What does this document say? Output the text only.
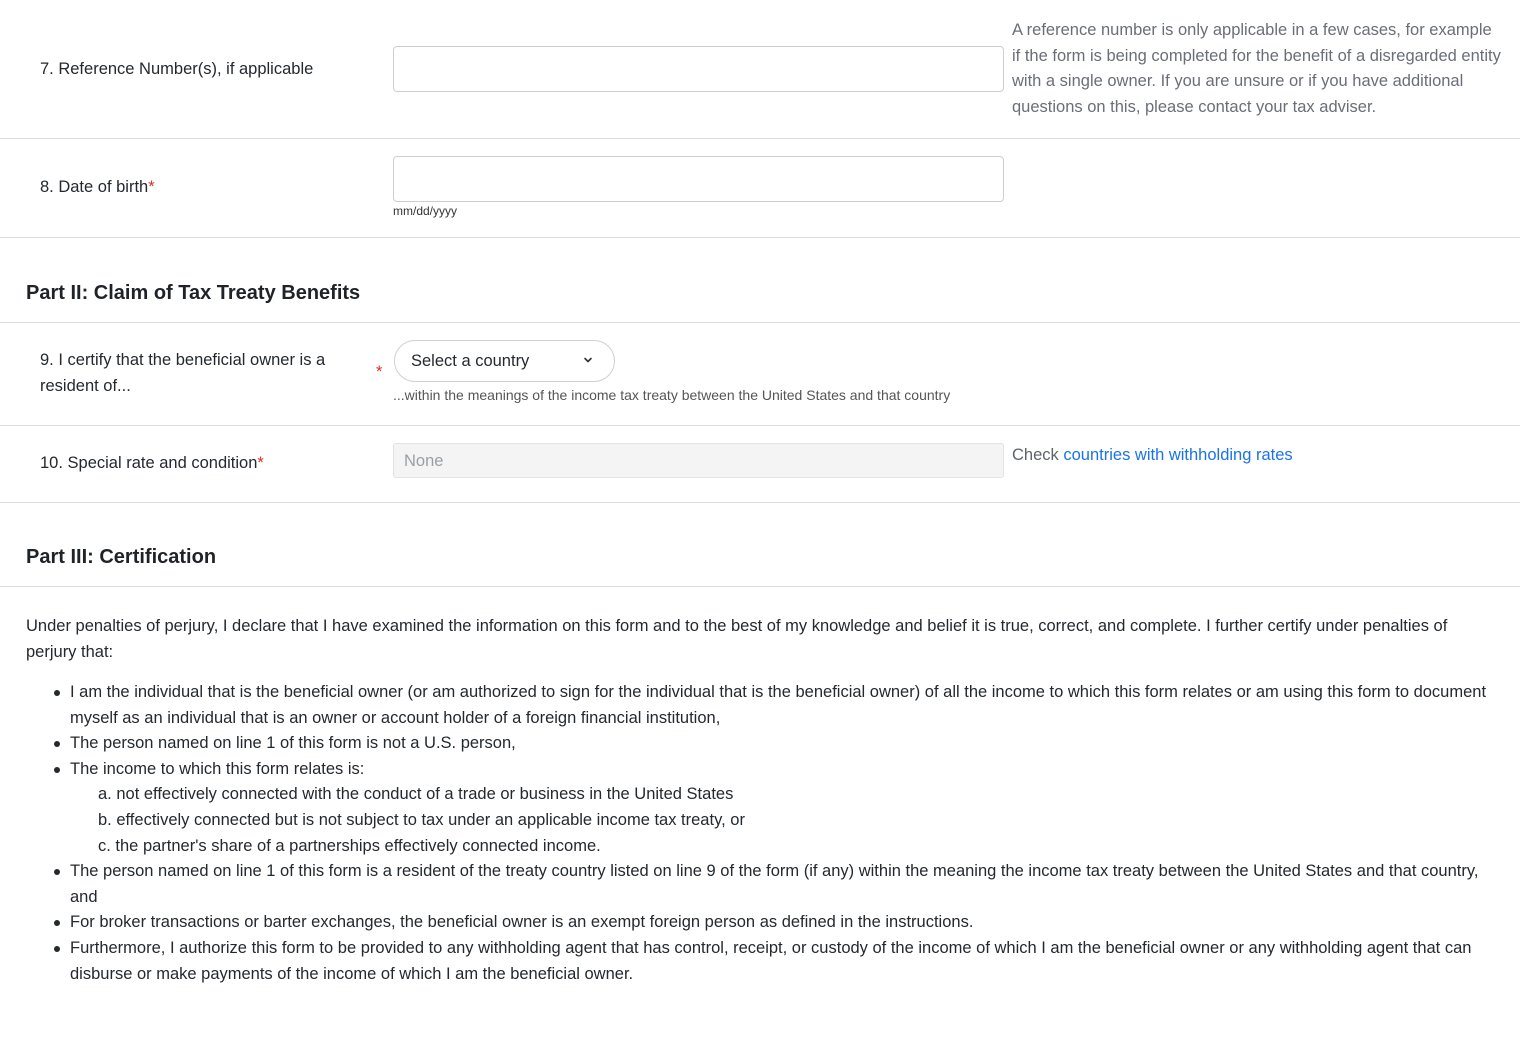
7. Reference Number(s), if applicable
A reference number is only applicable in a few cases, for example if the form is being completed for the benefit of a disregarded entity with a single owner. If you are unsure or if you have additional questions on this, please contact your tax adviser.
8. Date of birth*
mm/dd/yyyy
Part II: Claim of Tax Treaty Benefits
9. I certify that the beneficial owner is a resident of...
*
...within the meanings of the income tax treaty between the United States and that country
Select a country
10. Special rate and condition*	Check countries with withholding rates
None
Part III: Certification

Under penalties of perjury, I declare that I have examined the information on this form and to the best of my knowledge and belief it is true, correct, and complete. I further certify under penalties of perjury that:

I am the individual that is the beneficial owner (or am authorized to sign for the individual that is the beneficial owner) of all the income to which this form relates or am using this form to document myself as an individual that is an owner or account holder of a foreign financial institution,
The person named on line 1 of this form is not a U.S. person,
The income to which this form relates is:
a. not effectively connected with the conduct of a trade or business in the United States
b. effectively connected but is not subject to tax under an applicable income tax treaty, or
c. the partner's share of a partnerships effectively connected income.
The person named on line 1 of this form is a resident of the treaty country listed on line 9 of the form (if any) within the meaning the income tax treaty between the United States and that country, and
For broker transactions or barter exchanges, the beneficial owner is an exempt foreign person as defined in the instructions.
Furthermore, I authorize this form to be provided to any withholding agent that has control, receipt, or custody of the income of which I am the beneficial owner or any withholding agent that can disburse or make payments of the income of which I am the beneficial owner.
